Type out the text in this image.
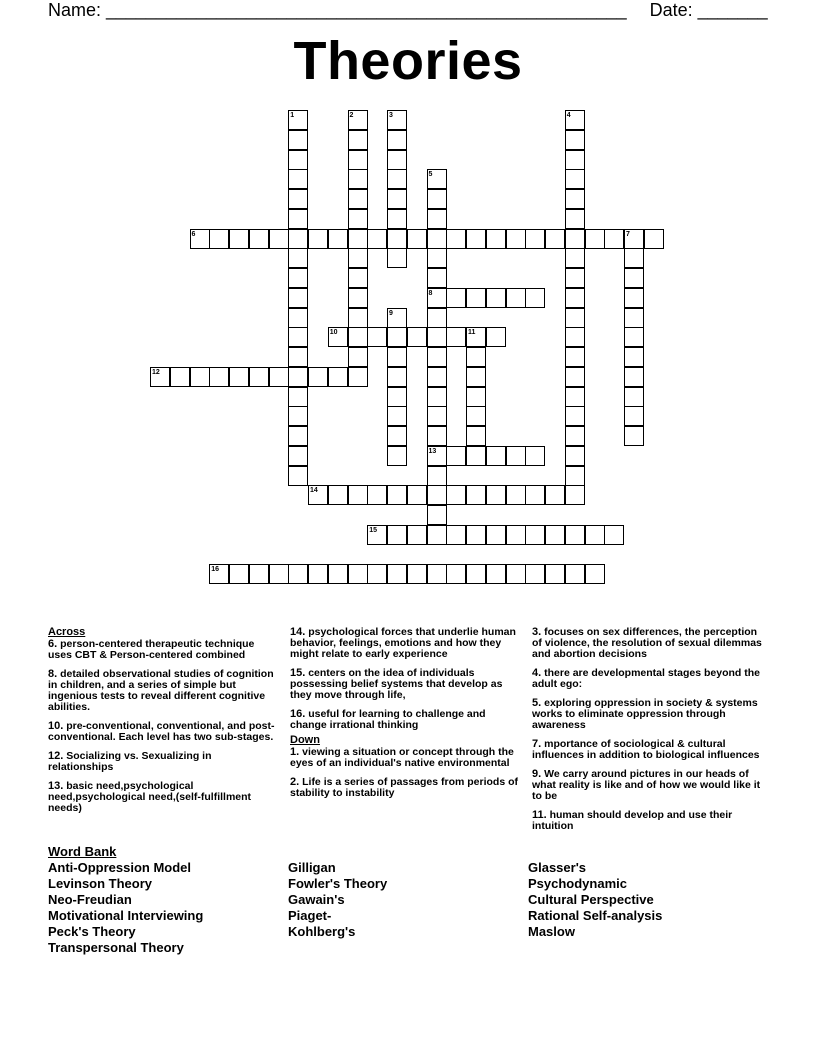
Name: ____________________________________________________ Date: _______
Theories
1	2	3	4
5
6	7
8
9
10	11
12
13
14
15
16
Across
6. person-centered therapeutic technique uses CBT & Person-centered combined
8. detailed observational studies of cognition in children, and a series of simple but ingenious tests to reveal different cognitive abilities.
10. pre-conventional, conventional, and post-conventional. Each level has two sub-stages.
12. Socializing vs. Sexualizing in relationships
13. basic need,psychological need,psychological need,(self-fulfillment needs)
14. psychological forces that underlie human behavior, feelings, emotions and how they might relate to early experience
15. centers on the idea of individuals possessing belief systems that develop as they move through life,
16. useful for learning to challenge and change irrational thinking
Down
1. viewing a situation or concept through the eyes of an individual's native environmental
2. Life is a series of passages from periods of stability to instability
3. focuses on sex differences, the perception of violence, the resolution of sexual dilemmas and abortion decisions
4. there are developmental stages beyond the adult ego:
5. exploring oppression in society & systems works to eliminate oppression through awareness
7. mportance of sociological & cultural influences in addition to biological influences
9. We carry around pictures in our heads of what reality is like and of how we would like it to be
11. human should develop and use their intuition
Word Bank
Anti-Oppression Model
Levinson Theory
Neo-Freudian
Motivational Interviewing
Peck's Theory
Transpersonal Theory
Gilligan
Fowler's Theory
Gawain's
Piaget-
Kohlberg's
Glasser's
Psychodynamic
Cultural Perspective
Rational Self-analysis
Maslow
